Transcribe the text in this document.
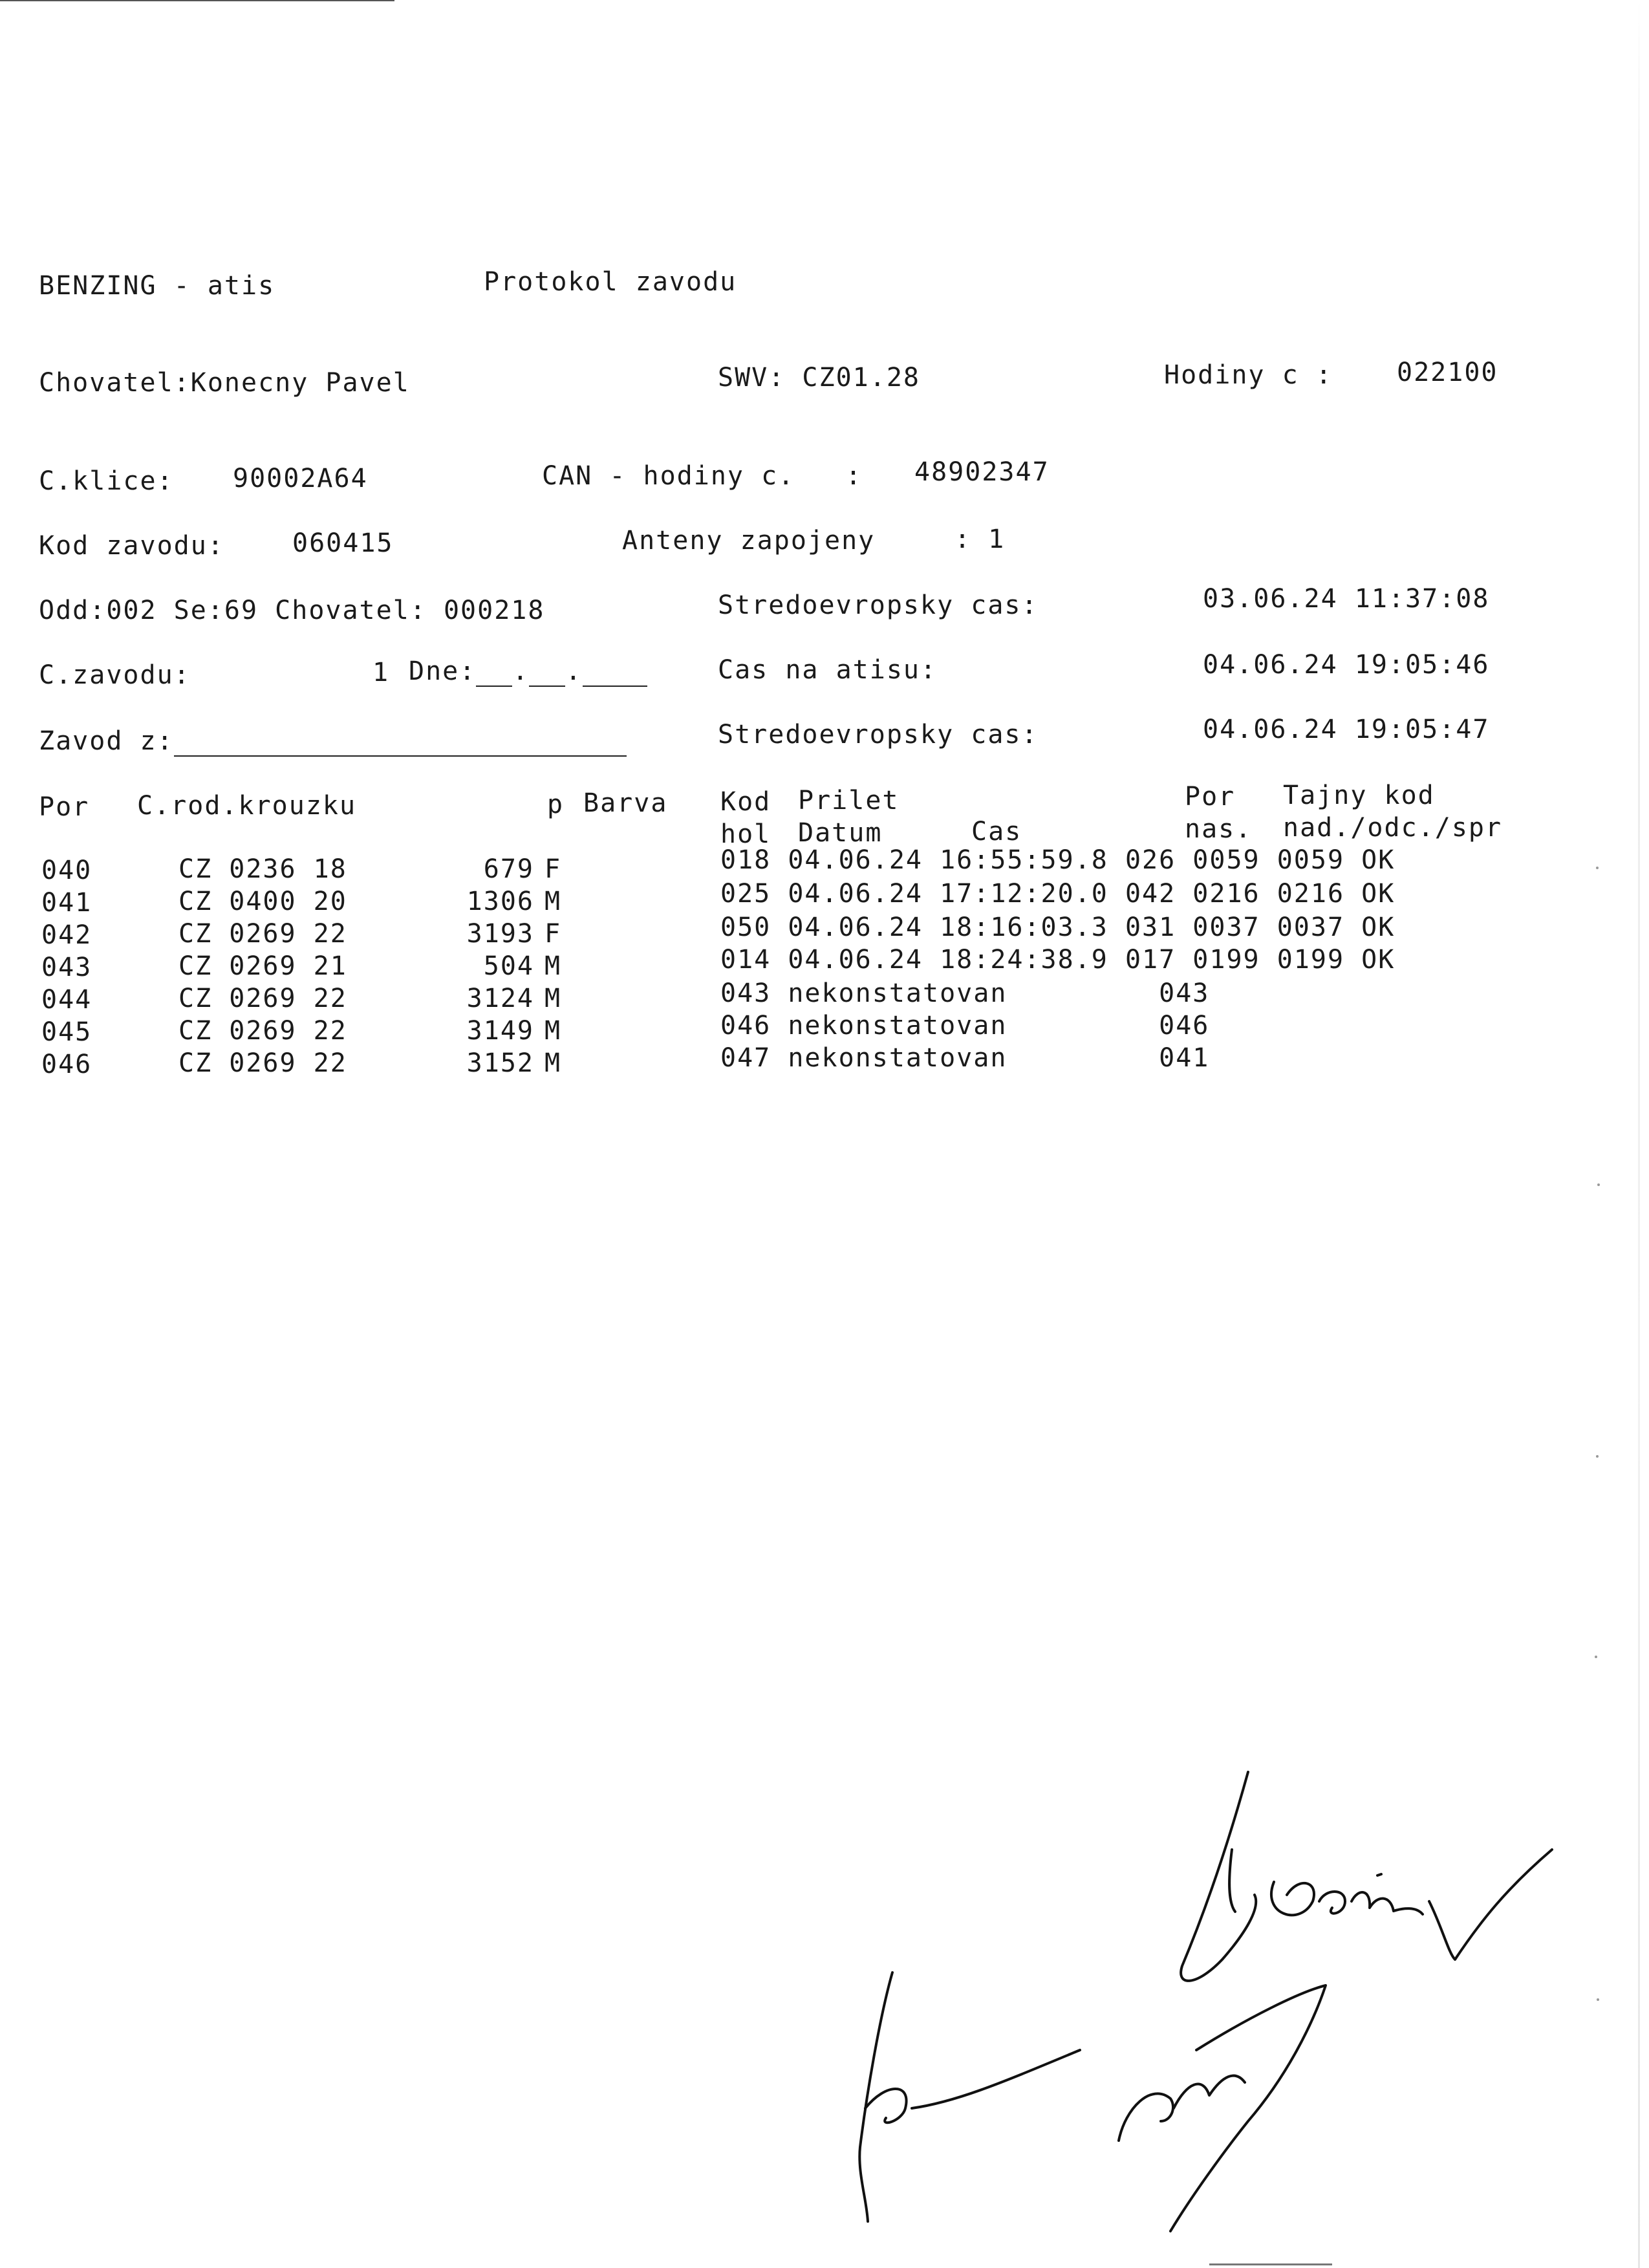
BENZING - atis	Protokol zavodu
Chovatel:Konecny Pavel	SWV: CZ01.28	Hodiny c : 022100
C.klice: 90002A64	CAN - hodiny c.   : 48902347
Kod zavodu:	060415	Anteny zapojeny	: 1
Odd:002 Se:69 Chovatel: 000218	Stredoevropsky cas:	03.06.24 11:37:08
C.zavodu:	1 Dne: . .	Cas na atisu:	04.06.24 19:05:46
Zavod z:	Stredoevropsky cas:	04.06.24 19:05:47
Por C.rod.krouzku	p Barva Kod Prilet	Por Tajny kod
hol Datum	Cas	nas. nad./odc./spr
040	CZ 0236 18	679 F	018 04.06.24 16:55:59.8 026 0059 0059 OK
041	CZ 0400 20	1306 M	025 04.06.24 17:12:20.0 042 0216 0216 OK
042	CZ 0269 22	3193 F	050 04.06.24 18:16:03.3 031 0037 0037 OK
043	CZ 0269 21	504 M	014 04.06.24 18:24:38.9 017 0199 0199 OK
044	CZ 0269 22	3124 M	043 nekonstatovan         043
045	CZ 0269 22	3149 M	046 nekonstatovan         046
046	CZ 0269 22	3152 M	047 nekonstatovan         041
